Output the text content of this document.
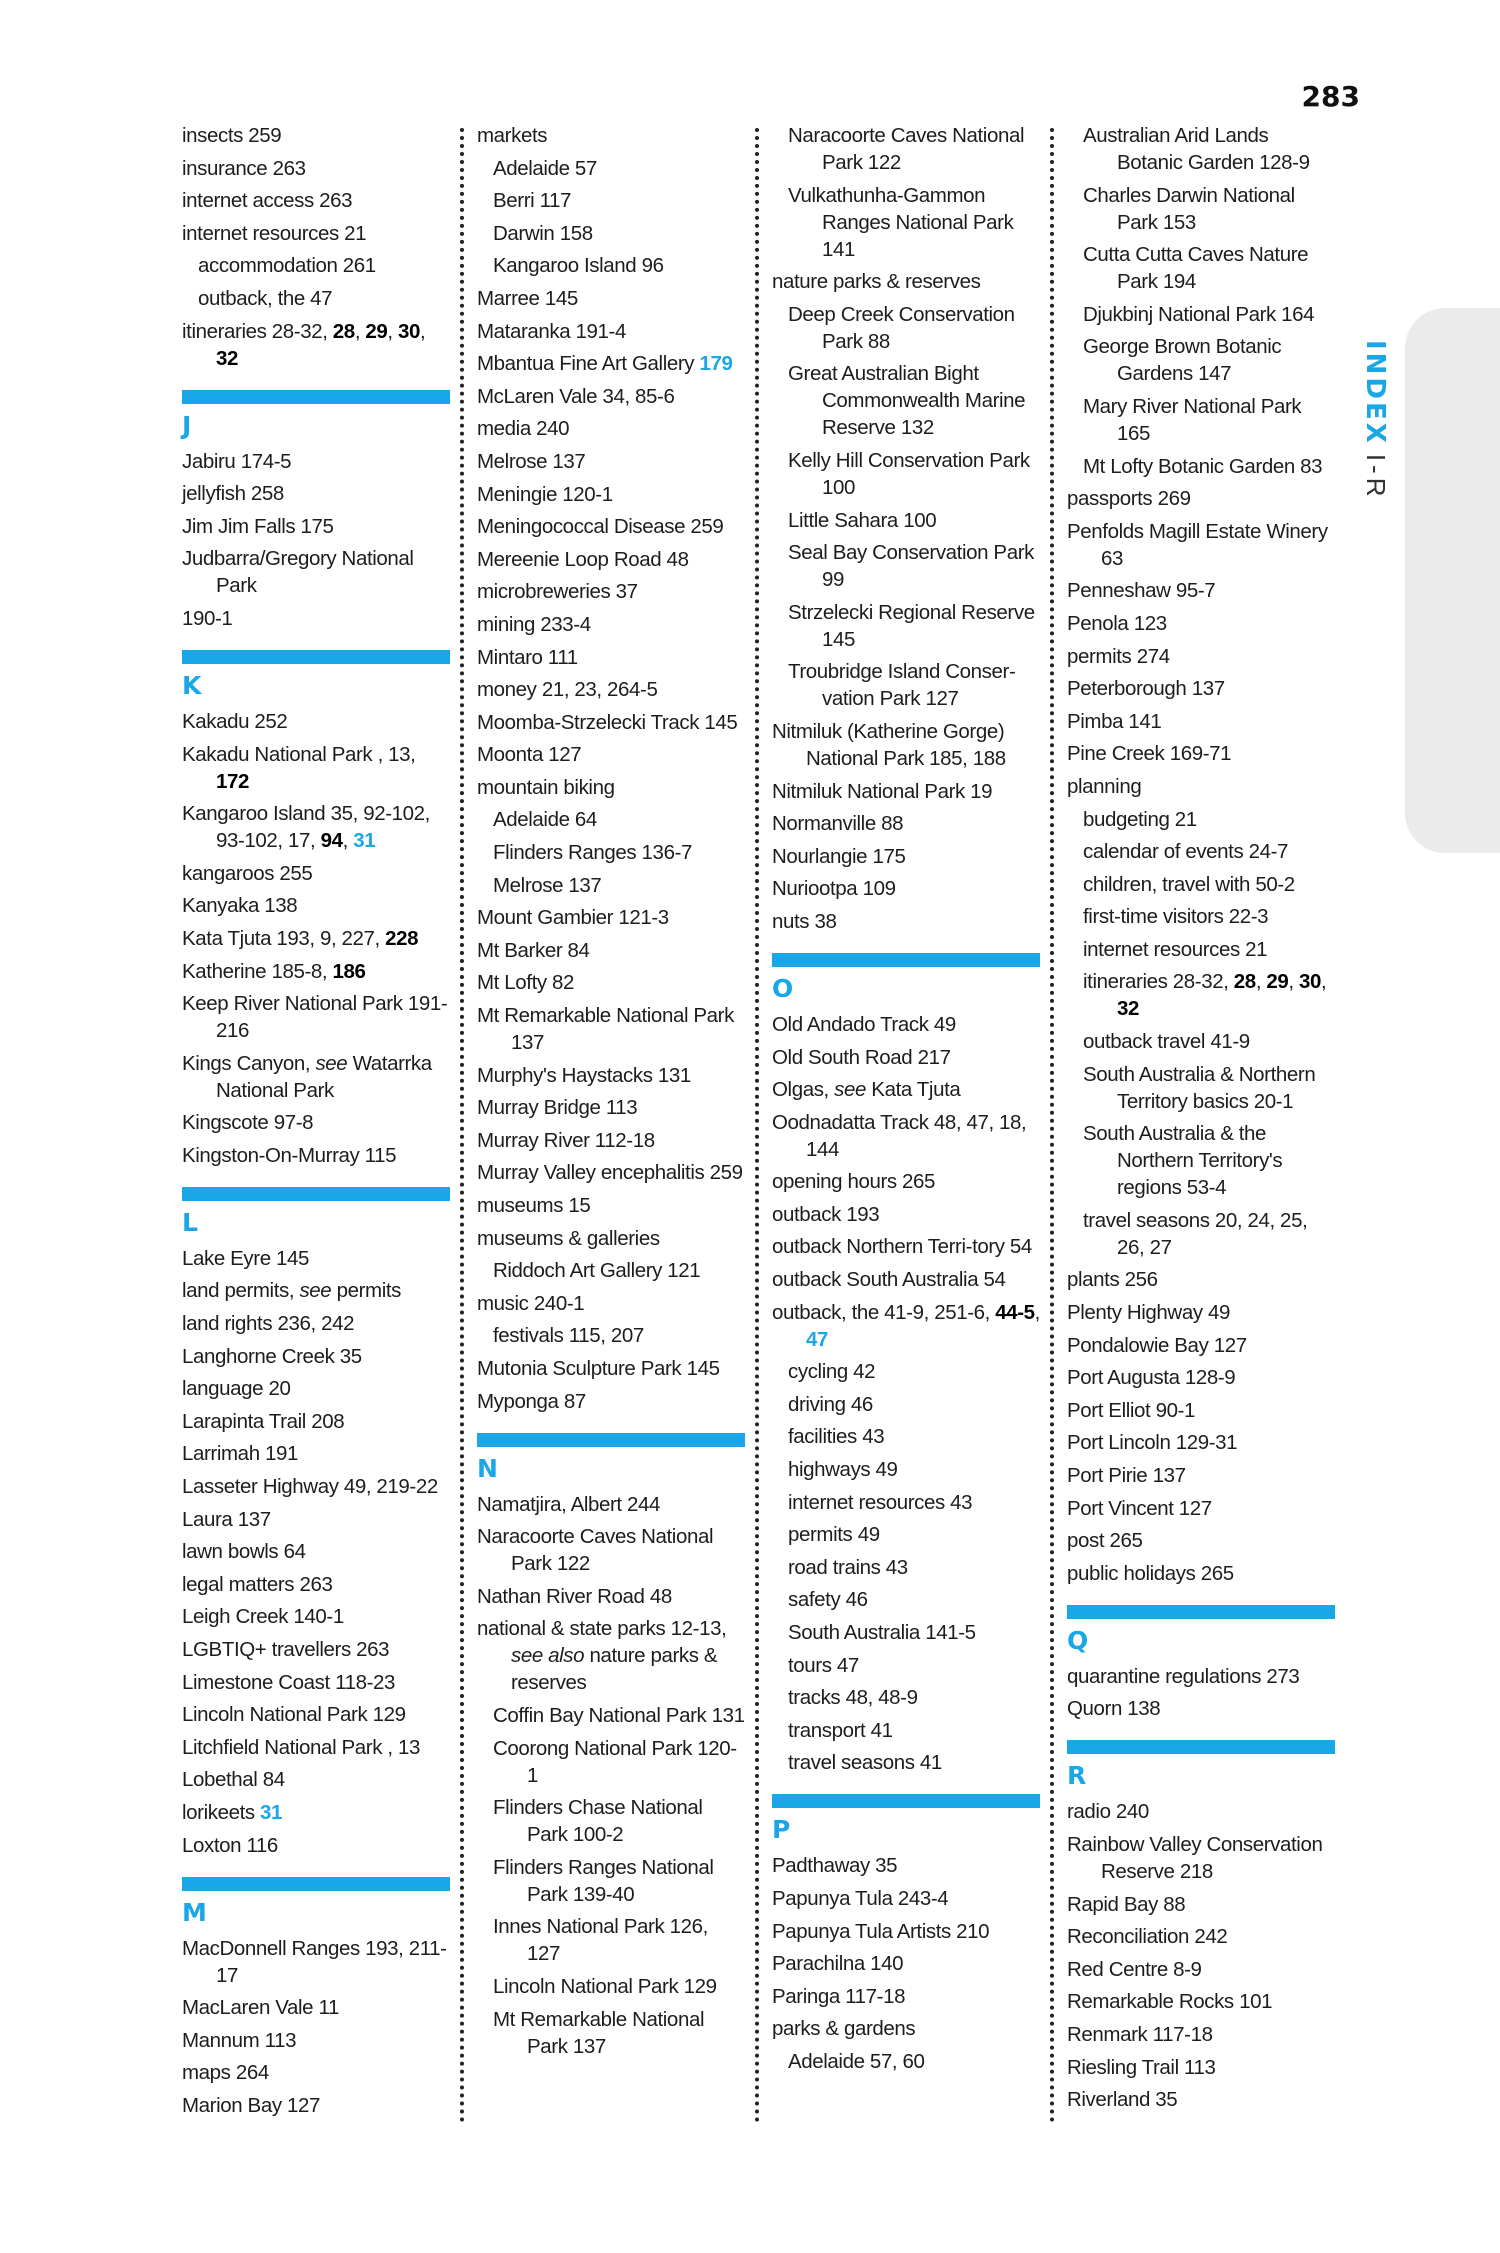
283
INDEXI-R
insects 259
insurance 263
internet access 263
internet resources 21
accommodation 261
outback, the 47
itineraries 28-32, 28, 29, 30, 32
J
Jabiru 174-5
jellyfish 258
Jim Jim Falls 175
Judbarra/Gregory National Park
190-1
K
Kakadu 252
Kakadu National Park , 13, 172
Kangaroo Island 35, 92-102, 93-102, 17, 94, 31
kangaroos 255
Kanyaka 138
Kata Tjuta 193, 9, 227, 228
Katherine 185-8, 186
Keep River National Park 191-216
Kings Canyon, see Watarrka National Park
Kingscote 97-8
Kingston-On-Murray 115
L
Lake Eyre 145
land permits, see permits
land rights 236, 242
Langhorne Creek 35
language 20
Larapinta Trail 208
Larrimah 191
Lasseter Highway 49, 219-22
Laura 137
lawn bowls 64
legal matters 263
Leigh Creek 140-1
LGBTIQ+ travellers 263
Limestone Coast 118-23
Lincoln National Park 129
Litchfield National Park , 13
Lobethal 84
lorikeets 31
Loxton 116
M
MacDonnell Ranges 193, 211-17
MacLaren Vale 11
Mannum 113
maps 264
Marion Bay 127
markets
Adelaide 57
Berri 117
Darwin 158
Kangaroo Island 96
Marree 145
Mataranka 191-4
Mbantua Fine Art Gallery 179
McLaren Vale 34, 85-6
media 240
Melrose 137
Meningie 120-1
Meningococcal Disease 259
Mereenie Loop Road 48
microbreweries 37
mining 233-4
Mintaro 111
money 21, 23, 264-5
Moomba-Strzelecki Track 145
Moonta 127
mountain biking
Adelaide 64
Flinders Ranges 136-7
Melrose 137
Mount Gambier 121-3
Mt Barker 84
Mt Lofty 82
Mt Remarkable National Park 137
Murphy's Haystacks 131
Murray Bridge 113
Murray River 112-18
Murray Valley encephalitis 259
museums 15
museums & galleries
Riddoch Art Gallery 121
music 240-1
festivals 115, 207
Mutonia Sculpture Park 145
Myponga 87
N
Namatjira, Albert 244
Naracoorte Caves National Park 122
Nathan River Road 48
national & state parks 12-13, see also nature parks & reserves
Coffin Bay National Park 131
Coorong National Park 120-1
Flinders Chase National Park 100-2
Flinders Ranges National Park 139-40
Innes National Park 126, 127
Lincoln National Park 129
Mt Remarkable National Park 137
Naracoorte Caves National Park 122
Vulkathunha-Gammon Ranges National Park 141
nature parks & reserves
Deep Creek Conservation Park 88
Great Australian Bight Commonwealth Marine Reserve 132
Kelly Hill Conservation Park 100
Little Sahara 100
Seal Bay Conservation Park 99
Strzelecki Regional Reserve 145
Troubridge Island Conser-vation Park 127
Nitmiluk (Katherine Gorge) National Park 185, 188
Nitmiluk National Park 19
Normanville 88
Nourlangie 175
Nuriootpa 109
nuts 38
O
Old Andado Track 49
Old South Road 217
Olgas, see Kata Tjuta
Oodnadatta Track 48, 47, 18, 144
opening hours 265
outback 193
outback Northern Terri-tory 54
outback South Australia 54
outback, the 41-9, 251-6, 44-5, 47
cycling 42
driving 46
facilities 43
highways 49
internet resources 43
permits 49
road trains 43
safety 46
South Australia 141-5
tours 47
tracks 48, 48-9
transport 41
travel seasons 41
P
Padthaway 35
Papunya Tula 243-4
Papunya Tula Artists 210
Parachilna 140
Paringa 117-18
parks & gardens
Adelaide 57, 60
Australian Arid Lands Botanic Garden 128-9
Charles Darwin National Park 153
Cutta Cutta Caves Nature Park 194
Djukbinj National Park 164
George Brown Botanic Gardens 147
Mary River National Park 165
Mt Lofty Botanic Garden 83
passports 269
Penfolds Magill Estate Winery 63
Penneshaw 95-7
Penola 123
permits 274
Peterborough 137
Pimba 141
Pine Creek 169-71
planning
budgeting 21
calendar of events 24-7
children, travel with 50-2
first-time visitors 22-3
internet resources 21
itineraries 28-32, 28, 29, 30, 32
outback travel 41-9
South Australia & Northern Territory basics 20-1
South Australia & the Northern Territory's regions 53-4
travel seasons 20, 24, 25, 26, 27
plants 256
Plenty Highway 49
Pondalowie Bay 127
Port Augusta 128-9
Port Elliot 90-1
Port Lincoln 129-31
Port Pirie 137
Port Vincent 127
post 265
public holidays 265
Q
quarantine regulations 273
Quorn 138
R
radio 240
Rainbow Valley Conservation Reserve 218
Rapid Bay 88
Reconciliation 242
Red Centre 8-9
Remarkable Rocks 101
Renmark 117-18
Riesling Trail 113
Riverland 35
